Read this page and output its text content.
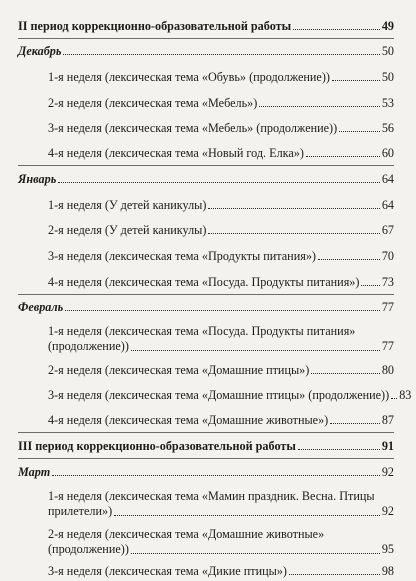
II период коррекционно-образовательной работы	49
Декабрь	50
1-я неделя (лексическая тема «Обувь» (продолжение))	50
2-я неделя (лексическая тема «Мебель»)	53
3-я неделя (лексическая тема «Мебель» (продолжение))	56
4-я неделя (лексическая тема «Новый год. Елка»)	60
Январь	64
1-я неделя (У детей каникулы)	64
2-я неделя (У детей каникулы)	67
3-я неделя (лексическая тема «Продукты питания»)	70
4-я неделя (лексическая тема «Посуда. Продукты питания») 73
Февраль	77
1-я неделя (лексическая тема «Посуда. Продукты питания»
(продолжение))	77
2-я неделя (лексическая тема «Домашние птицы»)	80
3-я неделя (лексическая тема «Домашние птицы» (продолжение)) 83
4-я неделя (лексическая тема «Домашние животные»)	87
III период коррекционно-образовательной работы	91
Март	92
1-я неделя (лексическая тема «Мамин праздник. Весна. Птицы
прилетели»)	92
2-я неделя (лексическая тема «Домашние животные»
(продолжение))	95
3-я неделя (лексическая тема «Дикие птицы»)	98
